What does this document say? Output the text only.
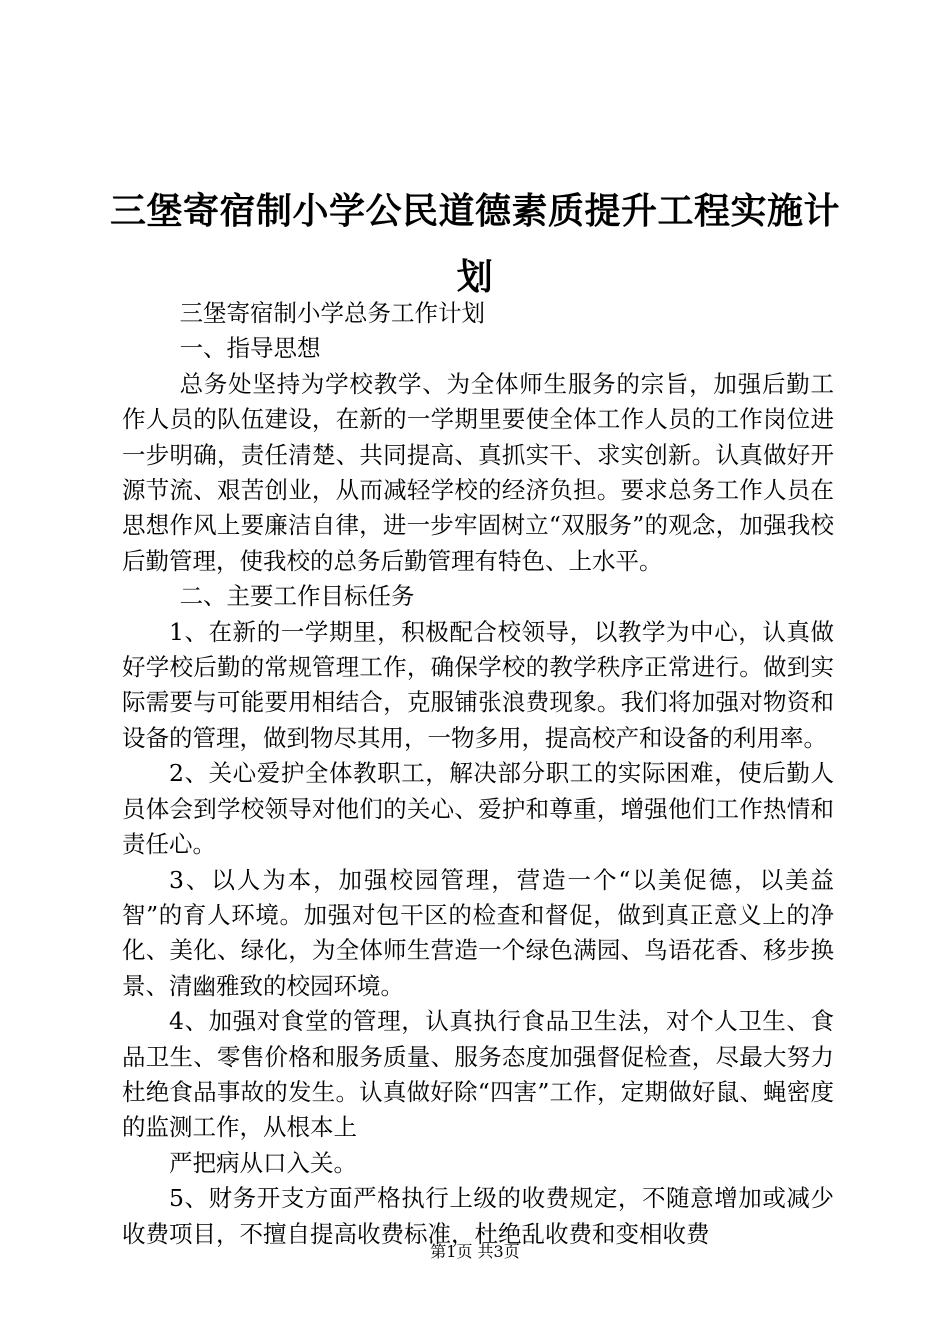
三堡寄宿制小学公民道德素质提升工程实施计划

三堡寄宿制小学总务工作计划

一、指导思想

总务处坚持为学校教学、为全体师生服务的宗旨，加强后勤工作人员的队伍建设，在新的一学期里要使全体工作人员的工作岗位进一步明确，责任清楚、共同提高、真抓实干、求实创新。认真做好开源节流、艰苦创业，从而减轻学校的经济负担。要求总务工作人员在思想作风上要廉洁自律，进一步牢固树立“双服务”的观念，加强我校后勤管理，使我校的总务后勤管理有特色、上水平。

二、主要工作目标任务

1、在新的一学期里，积极配合校领导，以教学为中心，认真做好学校后勤的常规管理工作，确保学校的教学秩序正常进行。做到实际需要与可能要用相结合，克服铺张浪费现象。我们将加强对物资和设备的管理，做到物尽其用，一物多用，提高校产和设备的利用率。

2、关心爱护全体教职工，解决部分职工的实际困难，使后勤人员体会到学校领导对他们的关心、爱护和尊重，增强他们工作热情和责任心。

3、以人为本，加强校园管理，营造一个“以美促德，以美益智”的育人环境。加强对包干区的检查和督促，做到真正意义上的净化、美化、绿化，为全体师生营造一个绿色满园、鸟语花香、移步换景、清幽雅致的校园环境。

4、加强对食堂的管理，认真执行食品卫生法，对个人卫生、食品卫生、零售价格和服务质量、服务态度加强督促检查，尽最大努力杜绝食品事故的发生。认真做好除“四害”工作，定期做好鼠、蝇密度的监测工作，从根本上

严把病从口入关。

5、财务开支方面严格执行上级的收费规定，不随意增加或减少收费项目，不擅自提高收费标准，杜绝乱收费和变相收费

第1页 共3页
